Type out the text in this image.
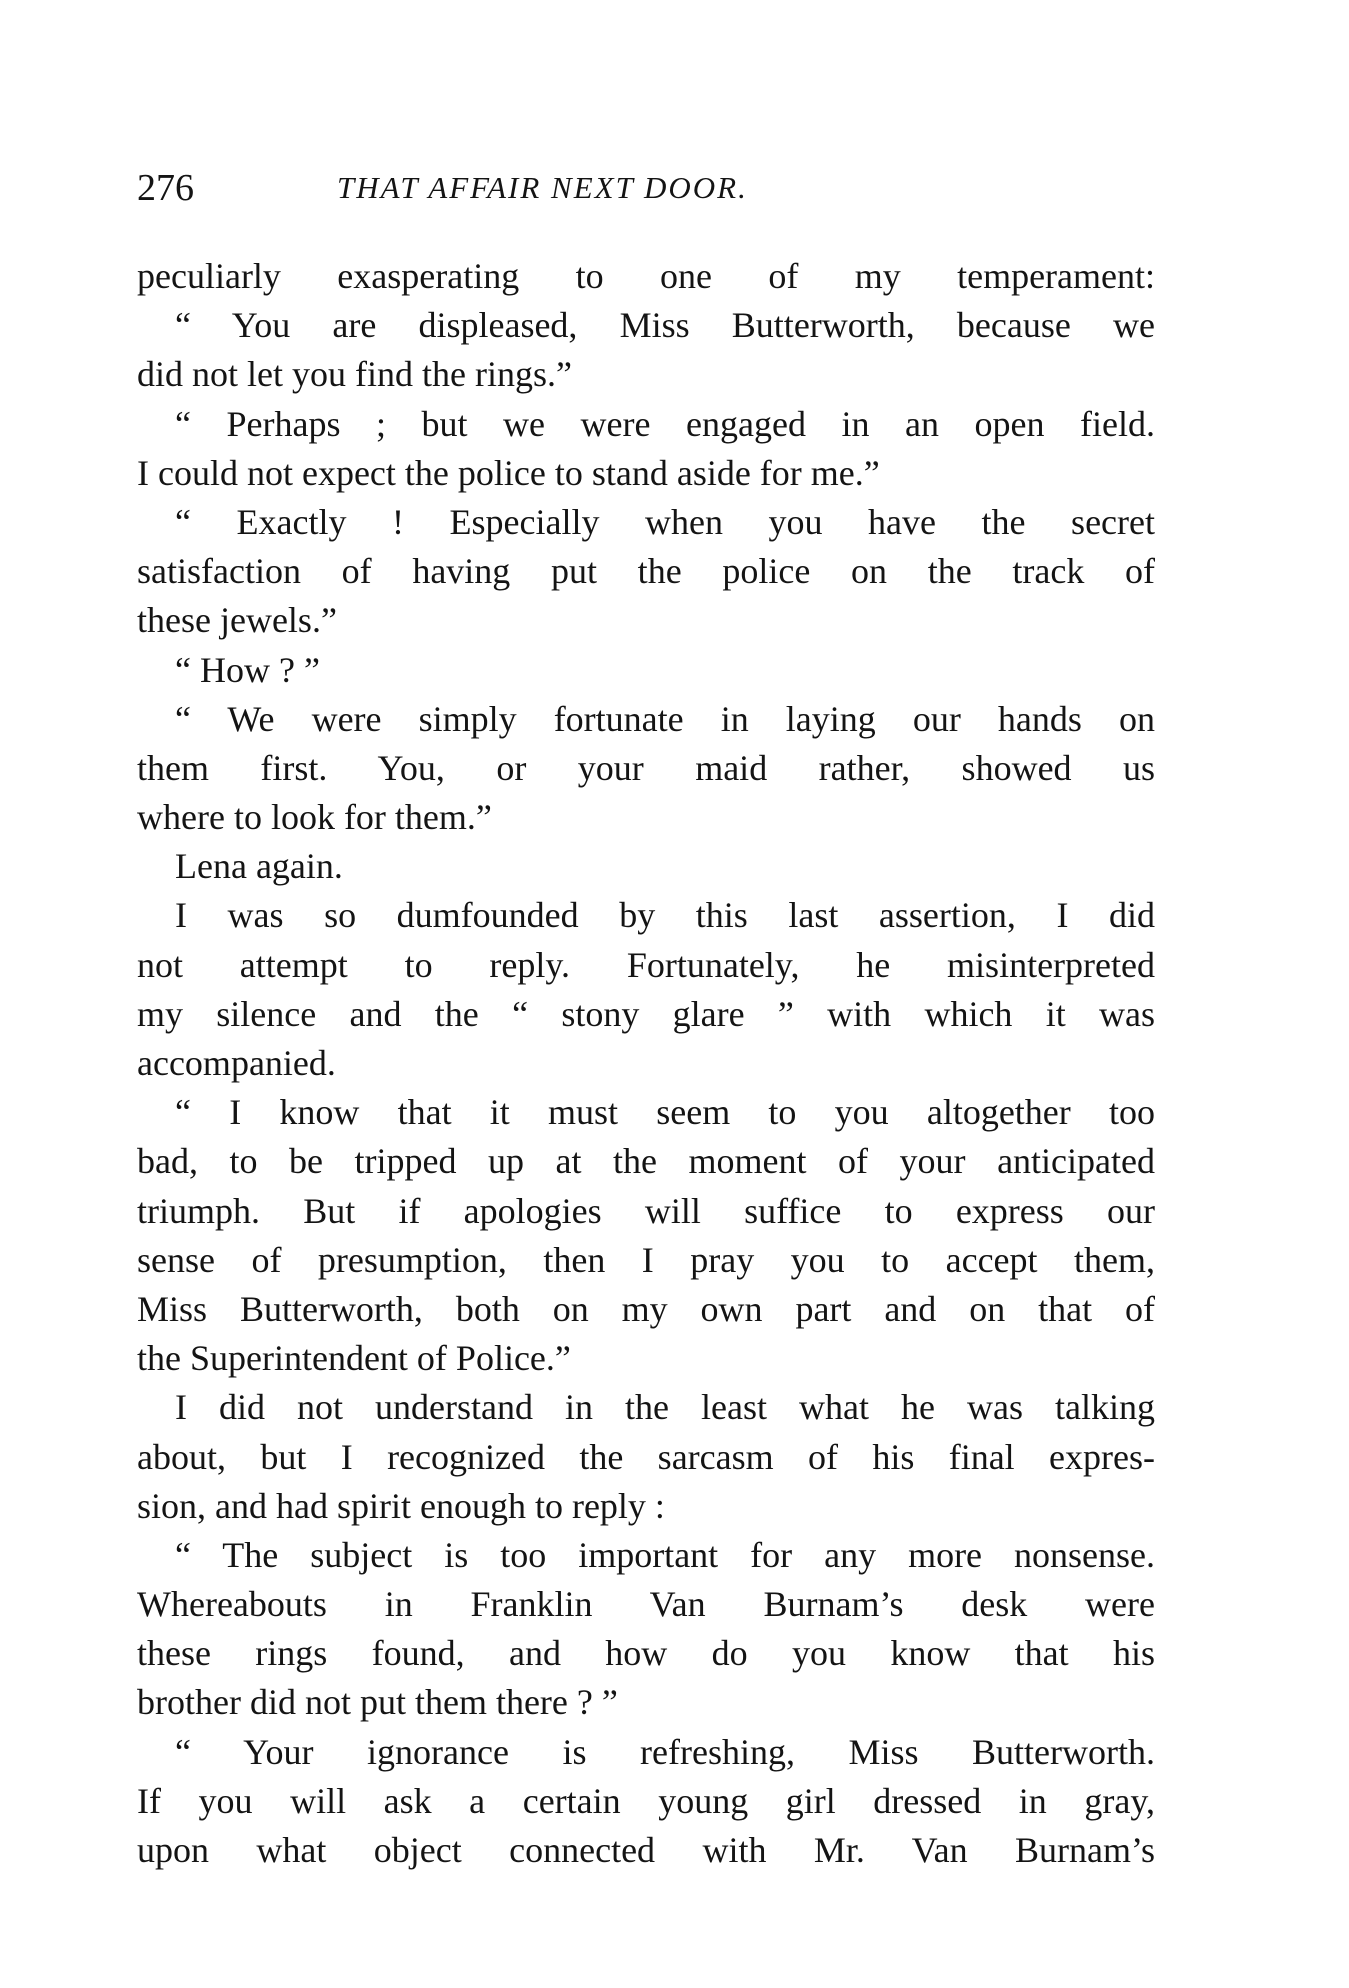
276	THAT AFFAIR NEXT DOOR.
peculiarly exasperating to one of my temperament:
“ You are displeased, Miss Butterworth, because we
did not let you find the rings.”
“ Perhaps ; but we were engaged in an open field.
I could not expect the police to stand aside for me.”
“ Exactly ! Especially when you have the secret
satisfaction of having put the police on the track of
these jewels.”
“ How ? ”
“ We were simply fortunate in laying our hands on
them first. You, or your maid rather, showed us
where to look for them.”
Lena again.
I was so dumfounded by this last assertion, I did
not attempt to reply. Fortunately, he misinterpreted
my silence and the “ stony glare ” with which it was
accompanied.
“ I know that it must seem to you altogether too
bad, to be tripped up at the moment of your anticipated
triumph. But if apologies will suffice to express our
sense of presumption, then I pray you to accept them,
Miss Butterworth, both on my own part and on that of
the Superintendent of Police.”
I did not understand in the least what he was talking
about, but I recognized the sarcasm of his final expres-
sion, and had spirit enough to reply :
“ The subject is too important for any more nonsense.
Whereabouts in Franklin Van Burnam’s desk were
these rings found, and how do you know that his
brother did not put them there ? ”
“ Your ignorance is refreshing, Miss Butterworth.
If you will ask a certain young girl dressed in gray,
upon what object connected with Mr. Van Burnam’s
